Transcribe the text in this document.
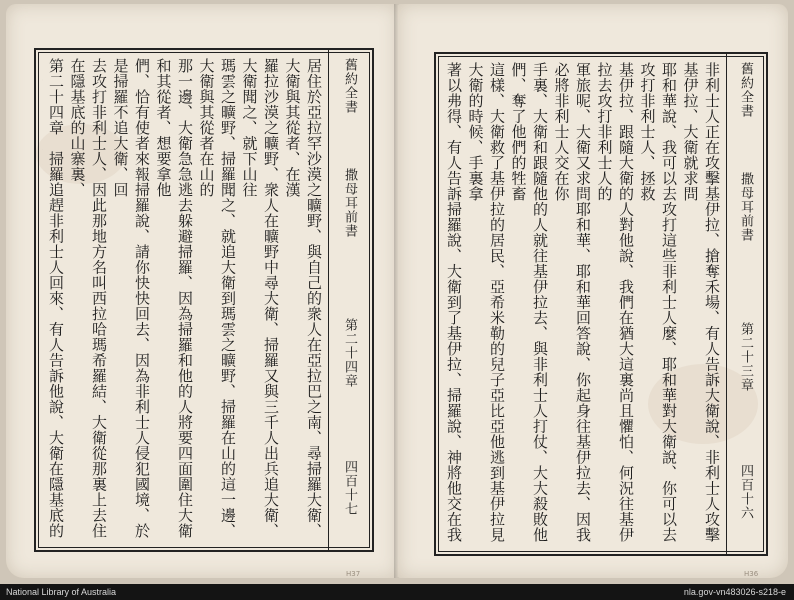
舊約全書
撒母耳前書
第二十四章
四百十七
居住於亞拉罕沙漠之曠野、與自己的衆人在亞拉巴之南、尋掃羅大衛、大衛與其從者、在漢
羅拉沙漠之曠野、衆人在曠野中尋大衛、掃羅又與三千人出兵追大衛、大衛聞之、就下山往
瑪雲之曠野、掃羅聞之、就追大衛到瑪雲之曠野、掃羅在山的這一邊、大衛與其從者在山的
那一邊、大衛急急逃去躲避掃羅、因為掃羅和他的人將要四面圍住大衛和其從者、想要拿他
們、恰有使者來報掃羅說、請你快快回去、因為非利士人侵犯國境、於是掃羅不追大衛、回
去攻打非利士人、因此那地方名叫西拉哈瑪希羅結、大衛從那裏上去住在隱基底的山寨裏、
第二十四章　掃羅追趕非利士人回來、有人告訴他說、大衛在隱基底的
H37
舊約全書
撒母耳前書
第二十三章
四百十六
非利士人正在攻擊基伊拉、搶奪禾場、有人告訴大衛說、非利士人攻擊基伊拉、大衛就求問
耶和華說、我可以去攻打這些非利士人麼、耶和華對大衛說、你可以去攻打非利士人、拯救
基伊拉、跟隨大衛的人對他說、我們在猶大這裏尚且懼怕、何況往基伊拉去攻打非利士人的
軍旅呢、大衛又求問耶和華、耶和華回答說、你起身往基伊拉去、因我必將非利士人交在你
手裏、大衛和跟隨他的人就往基伊拉去、與非利士人打仗、大大殺敗他們、奪了他們的牲畜
這樣、大衛救了基伊拉的居民、亞希米勒的兒子亞比亞他逃到基伊拉見大衛的時候、手裏拿
著以弗得、有人告訴掃羅說、大衛到了基伊拉、掃羅說、神將他交在我
H36
National Library of Australia	nla.gov-vn483026-s218-e
